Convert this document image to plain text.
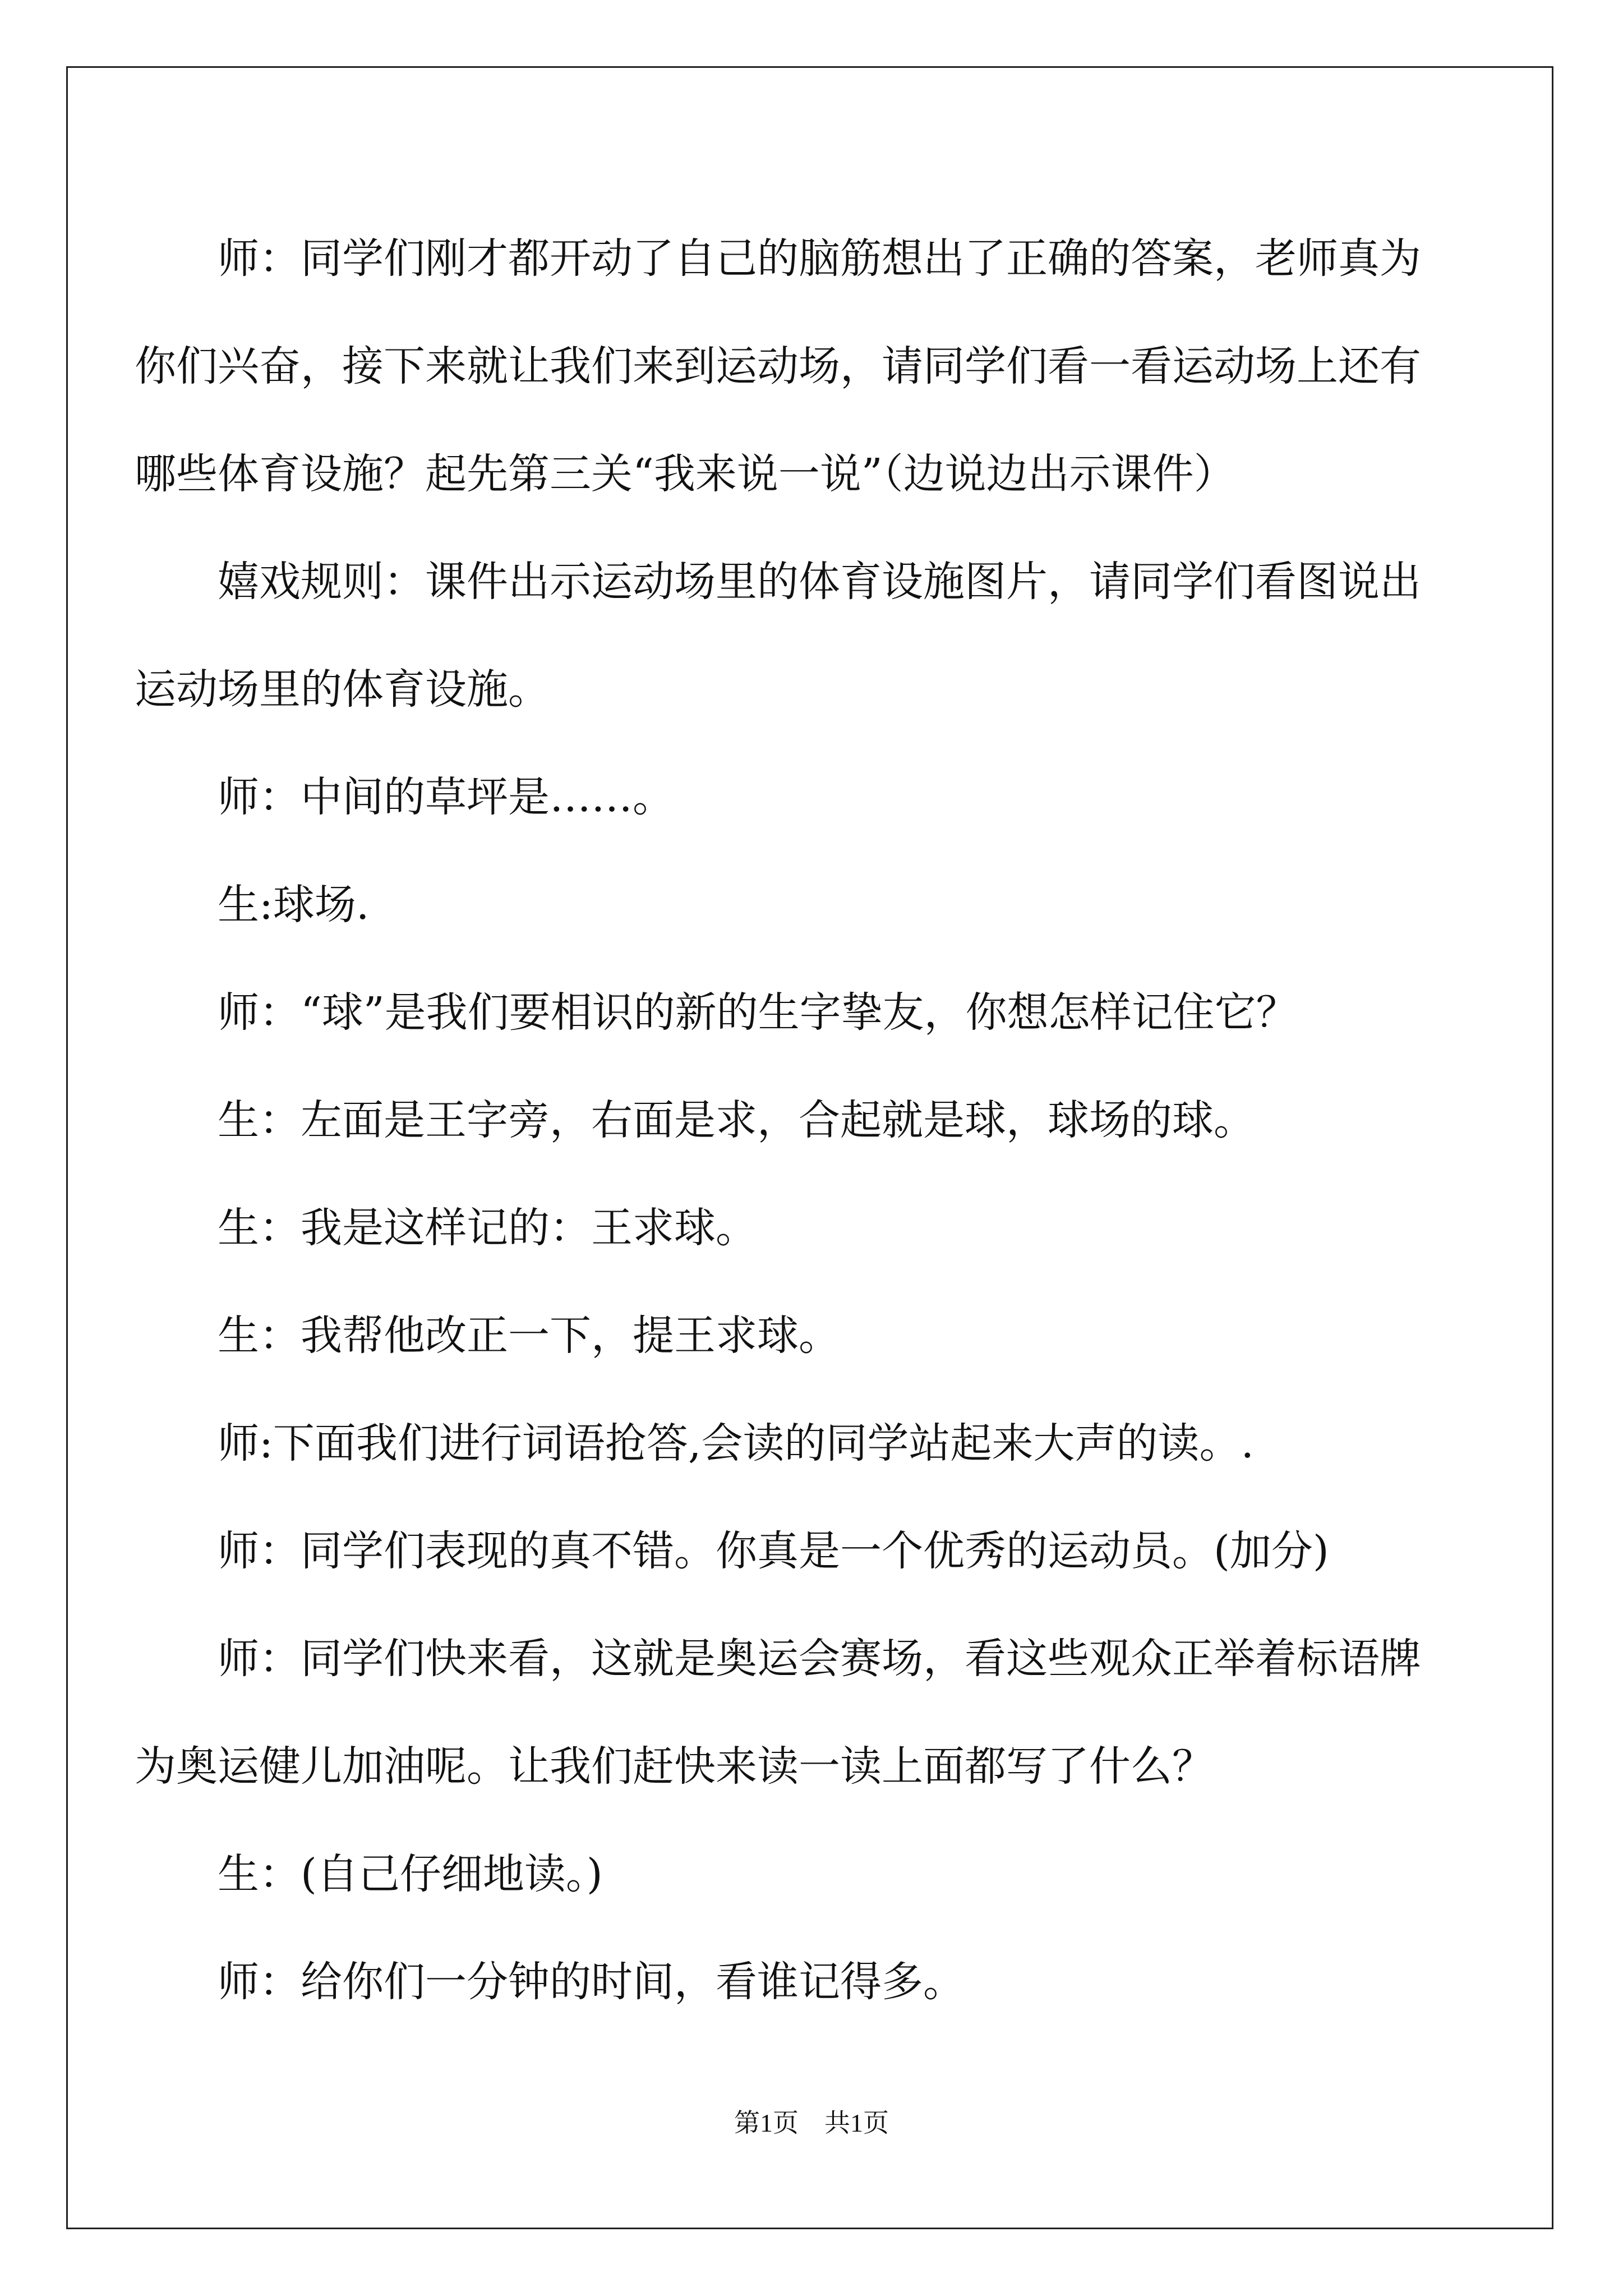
师：同学们刚才都开动了自己的脑筋想出了正确的答案，老师真为你们兴奋，接下来就让我们来到运动场，请同学们看一看运动场上还有哪些体育设施？起先第三关“我来说一说”（边说边出示课件）

嬉戏规则：课件出示运动场里的体育设施图片，请同学们看图说出运动场里的体育设施。

师：中间的草坪是……。

生:球场.

师：“球”是我们要相识的新的生字挚友，你想怎样记住它？

生：左面是王字旁，右面是求，合起就是球，球场的球。

生：我是这样记的：王求球。

生：我帮他改正一下，提王求球。

师:下面我们进行词语抢答,会读的同学站起来大声的读。.

师：同学们表现的真不错。你真是一个优秀的运动员。(加分)

师：同学们快来看，这就是奥运会赛场，看这些观众正举着标语牌为奥运健儿加油呢。让我们赶快来读一读上面都写了什么？

生：(自己仔细地读。)

师：给你们一分钟的时间，看谁记得多。

第1页　共1页
